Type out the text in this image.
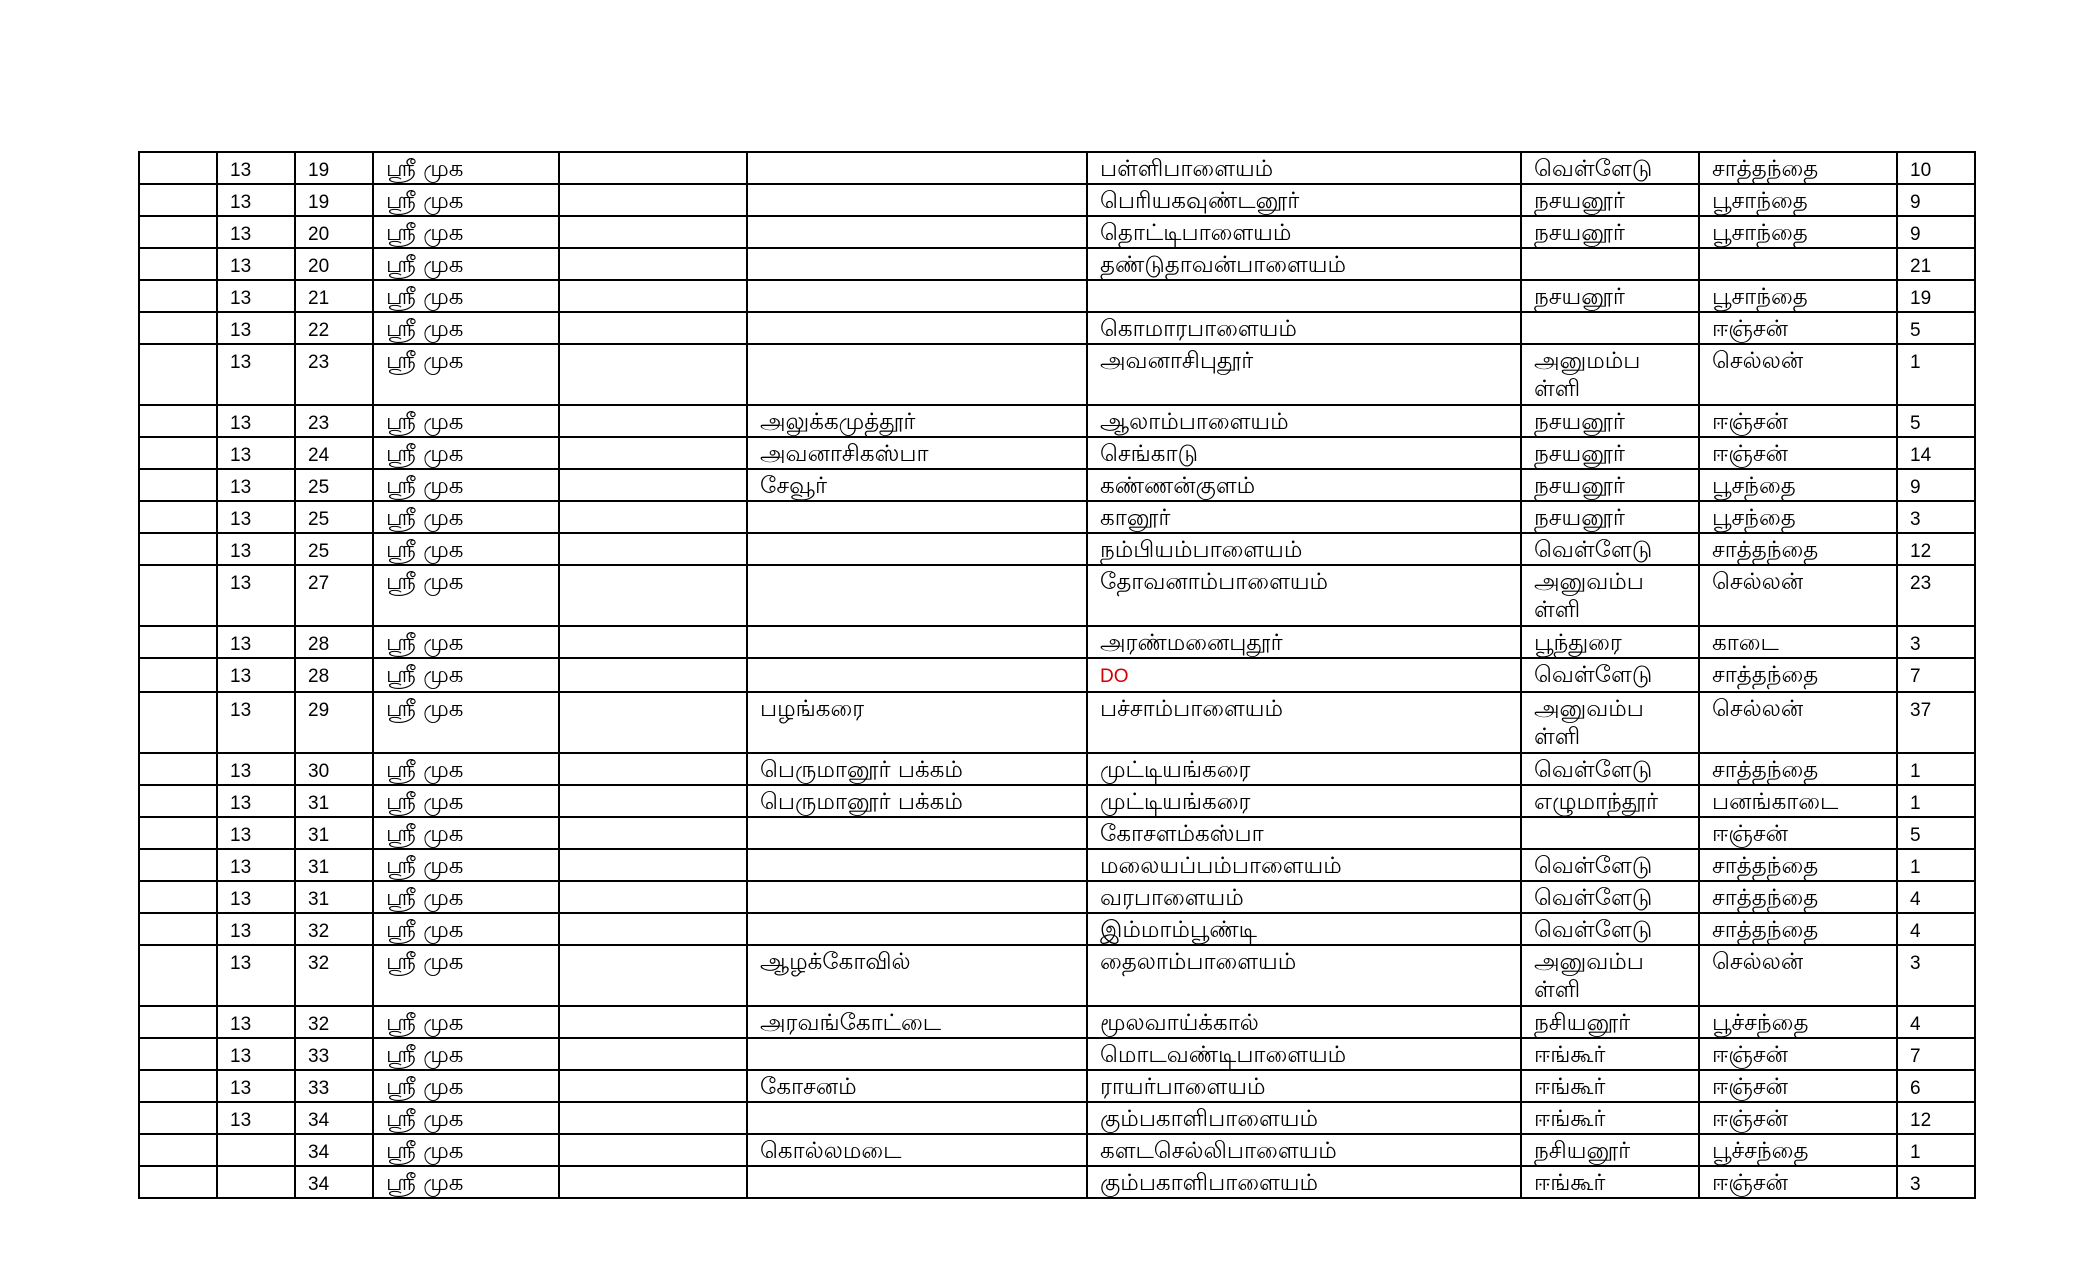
	13	19	ஸ்ரீ முக			பள்ளிபாளையம்	வெள்ளேடு	சாத்தந்தை	10
	13	19	ஸ்ரீ முக			பெரியகவுண்டனூர்	நசயனூர்	பூசாந்தை	9
	13	20	ஸ்ரீ முக			தொட்டிபாளையம்	நசயனூர்	பூசாந்தை	9
	13	20	ஸ்ரீ முக			தண்டுதாவன்பாளையம்			21
	13	21	ஸ்ரீ முக				நசயனூர்	பூசாந்தை	19
	13	22	ஸ்ரீ முக			கொமாரபாளையம்		ஈஞ்சன்	5
	13	23	ஸ்ரீ முக			அவனாசிபுதூர்	அனுமம்பள்ளி	செல்லன்	1
	13	23	ஸ்ரீ முக		அலுக்கமுத்தூர்	ஆலாம்பாளையம்	நசயனூர்	ஈஞ்சன்	5
	13	24	ஸ்ரீ முக		அவனாசிகஸ்பா	செங்காடு	நசயனூர்	ஈஞ்சன்	14
	13	25	ஸ்ரீ முக		சேவூர்	கண்ணன்குளம்	நசயனூர்	பூசந்தை	9
	13	25	ஸ்ரீ முக			கானூர்	நசயனூர்	பூசந்தை	3
	13	25	ஸ்ரீ முக			நம்பியம்பாளையம்	வெள்ளேடு	சாத்தந்தை	12
	13	27	ஸ்ரீ முக			தோவனாம்பாளையம்	அனுவம்பள்ளி	செல்லன்	23
	13	28	ஸ்ரீ முக			அரண்மனைபுதூர்	பூந்துரை	காடை	3
	13	28	ஸ்ரீ முக			DO	வெள்ளேடு	சாத்தந்தை	7
	13	29	ஸ்ரீ முக		பழங்கரை	பச்சாம்பாளையம்	அனுவம்பள்ளி	செல்லன்	37
	13	30	ஸ்ரீ முக		பெருமானூர் பக்கம்	முட்டியங்கரை	வெள்ளேடு	சாத்தந்தை	1
	13	31	ஸ்ரீ முக		பெருமானூர் பக்கம்	முட்டியங்கரை	எழுமாந்தூர்	பனங்காடை	1
	13	31	ஸ்ரீ முக			கோசளம்கஸ்பா		ஈஞ்சன்	5
	13	31	ஸ்ரீ முக			மலையப்பம்பாளையம்	வெள்ளேடு	சாத்தந்தை	1
	13	31	ஸ்ரீ முக			வரபாளையம்	வெள்ளேடு	சாத்தந்தை	4
	13	32	ஸ்ரீ முக			இம்மாம்பூண்டி	வெள்ளேடு	சாத்தந்தை	4
	13	32	ஸ்ரீ முக		ஆழக்கோவில்	தைலாம்பாளையம்	அனுவம்பள்ளி	செல்லன்	3
	13	32	ஸ்ரீ முக		அரவங்கோட்டை	மூலவாய்க்கால்	நசியனூர்	பூச்சந்தை	4
	13	33	ஸ்ரீ முக			மொடவண்டிபாளையம்	ஈங்கூர்	ஈஞ்சன்	7
	13	33	ஸ்ரீ முக		கோசனம்	ராயர்பாளையம்	ஈங்கூர்	ஈஞ்சன்	6
	13	34	ஸ்ரீ முக			கும்பகாளிபாளையம்	ஈங்கூர்	ஈஞ்சன்	12
		34	ஸ்ரீ முக		கொல்லமடை	களடசெல்லிபாளையம்	நசியனூர்	பூச்சந்தை	1
		34	ஸ்ரீ முக			கும்பகாளிபாளையம்	ஈங்கூர்	ஈஞ்சன்	3
